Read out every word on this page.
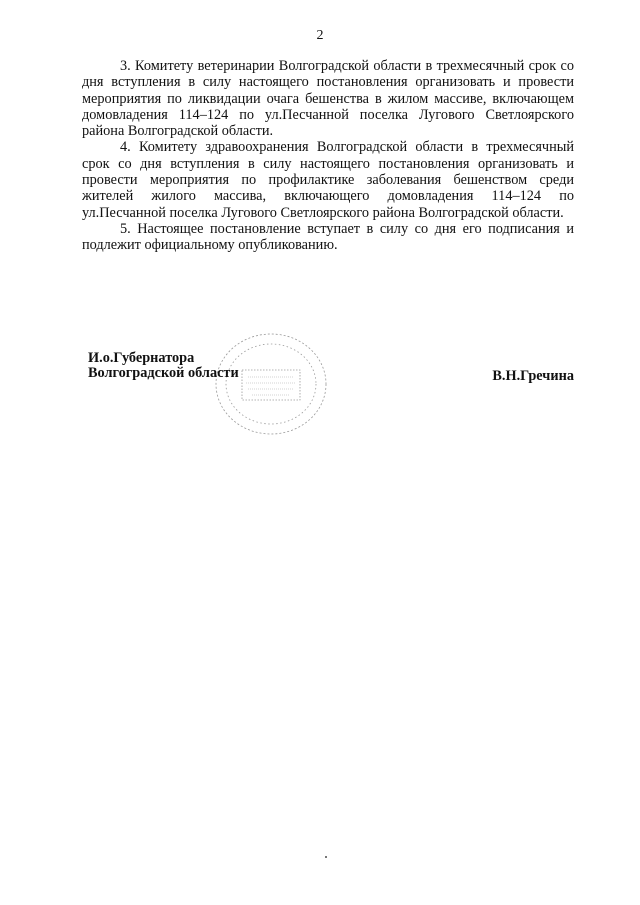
2

3. Комитету ветеринарии Волгоградской области в трехмесячный срок со дня вступления в силу настоящего постановления организовать и провести мероприятия по ликвидации очага бешенства в жилом массиве, включающем домовладения 114–124 по ул.Песчанной поселка Лугового Светлоярского района Волгоградской области.

4. Комитету здравоохранения Волгоградской области в трехмесячный срок со дня вступления в силу настоящего постановления организовать и провести мероприятия по профилактике заболевания бешенством среди жителей жилого массива, включающего домовладения 114–124 по ул.Песчанной поселка Лугового Светлоярского района Волгоградской области.

5. Настоящее постановление вступает в силу со дня его подписания и подлежит официальному опубликованию.

И.о.Губернатора
Волгоградской области	В.Н.Гречина
